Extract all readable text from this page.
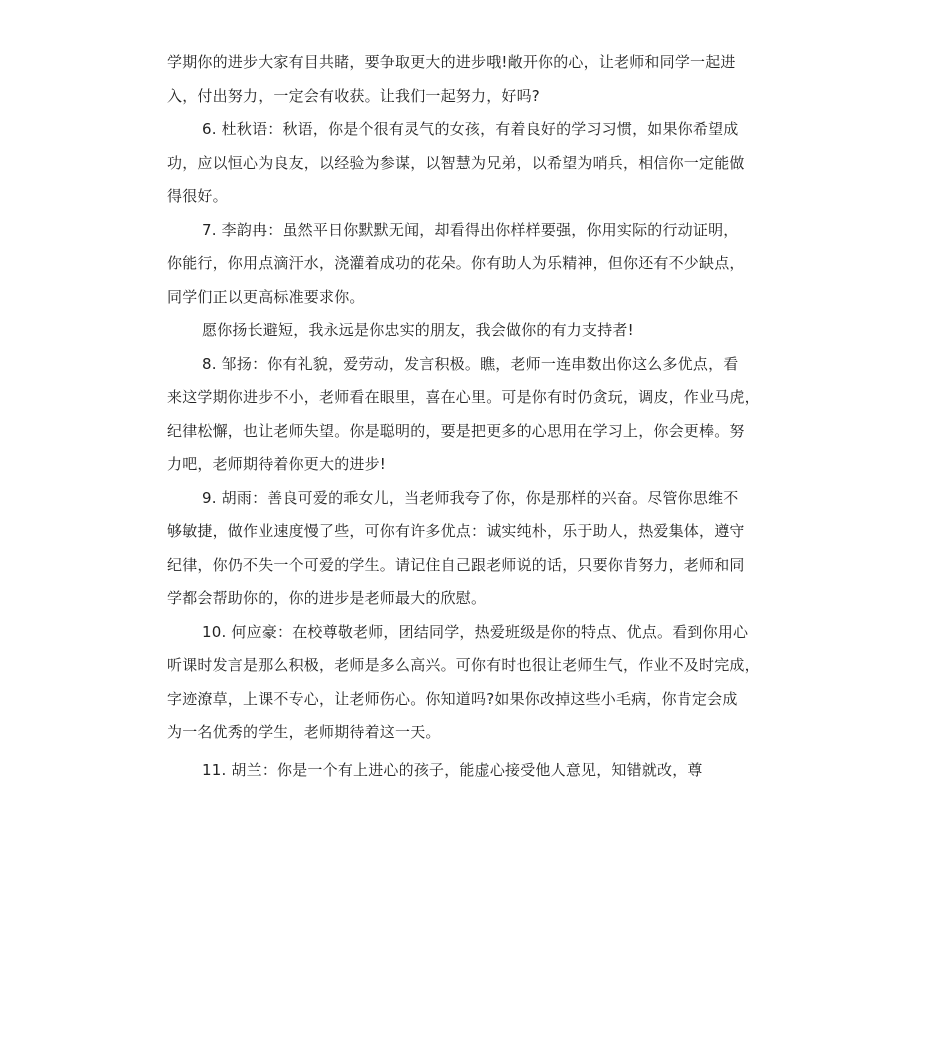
学期你的进步大家有目共睹，要争取更大的进步哦!敞开你的心，让老师和同学一起进
入，付出努力，一定会有收获。让我们一起努力，好吗?
6. 杜秋语：秋语，你是个很有灵气的女孩，有着良好的学习习惯，如果你希望成
功，应以恒心为良友，以经验为参谋，以智慧为兄弟，以希望为哨兵，相信你一定能做
得很好。
7. 李韵冉：虽然平日你默默无闻，却看得出你样样要强，你用实际的行动证明，
你能行，你用点滴汗水，浇灌着成功的花朵。你有助人为乐精神，但你还有不少缺点，
同学们正以更高标准要求你。
愿你扬长避短，我永远是你忠实的朋友，我会做你的有力支持者!
8. 邹扬：你有礼貌，爱劳动，发言积极。瞧，老师一连串数出你这么多优点，看
来这学期你进步不小，老师看在眼里，喜在心里。可是你有时仍贪玩，调皮，作业马虎，
纪律松懈，也让老师失望。你是聪明的，要是把更多的心思用在学习上，你会更棒。努
力吧，老师期待着你更大的进步!
9. 胡雨：善良可爱的乖女儿，当老师我夸了你，你是那样的兴奋。尽管你思维不
够敏捷，做作业速度慢了些，可你有许多优点：诚实纯朴，乐于助人，热爱集体，遵守
纪律，你仍不失一个可爱的学生。请记住自己跟老师说的话，只要你肯努力，老师和同
学都会帮助你的，你的进步是老师最大的欣慰。
10. 何应豪：在校尊敬老师，团结同学，热爱班级是你的特点、优点。看到你用心
听课时发言是那么积极，老师是多么高兴。可你有时也很让老师生气，作业不及时完成，
字迹潦草，上课不专心，让老师伤心。你知道吗?如果你改掉这些小毛病，你肯定会成
为一名优秀的学生，老师期待着这一天。
11. 胡兰：你是一个有上进心的孩子，能虚心接受他人意见，知错就改，尊
